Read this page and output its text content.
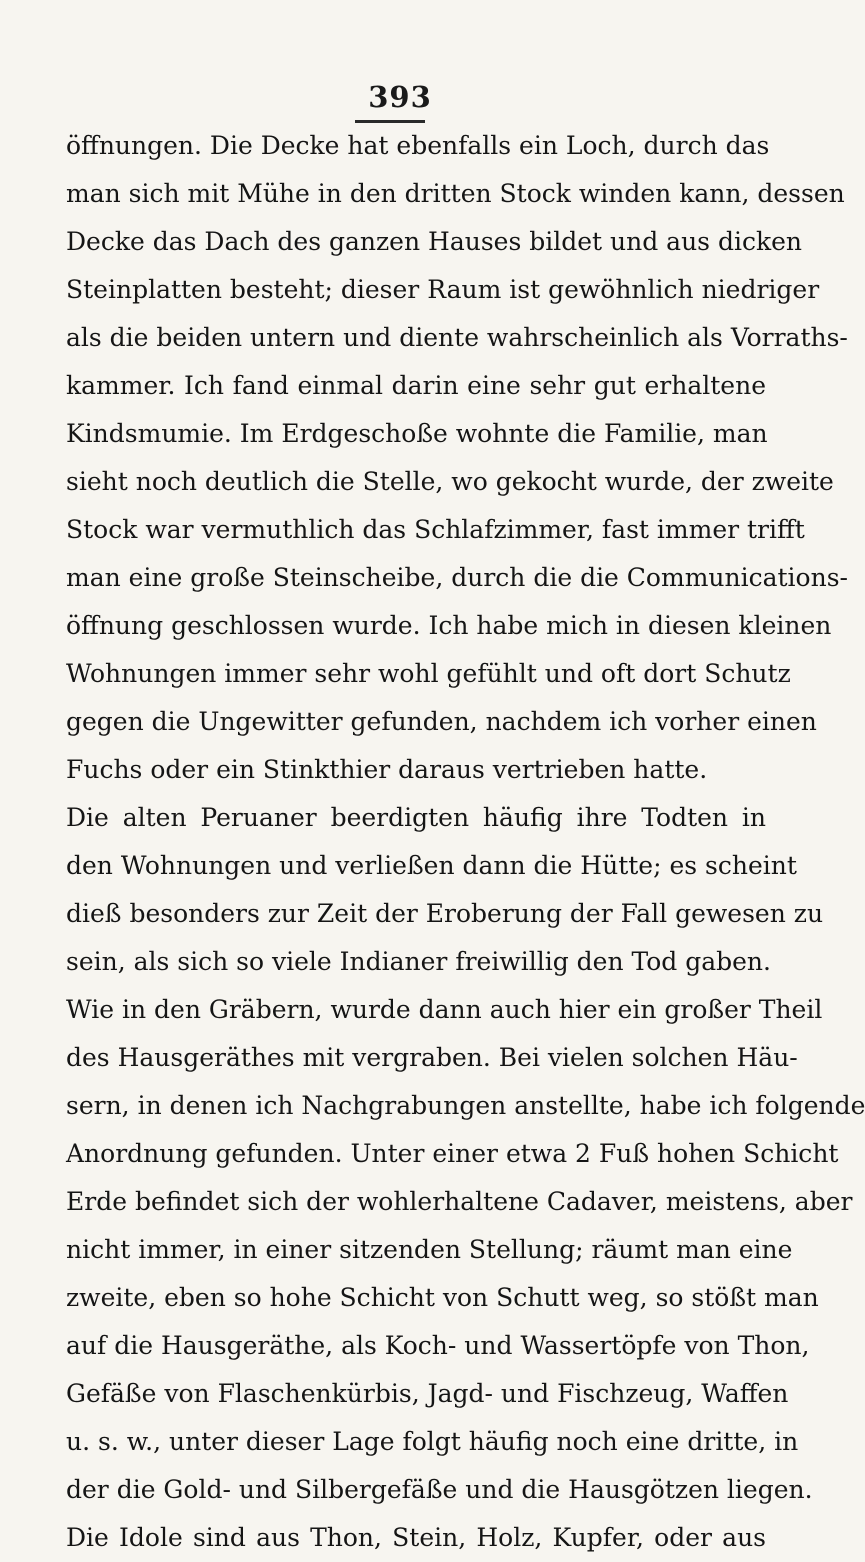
393
öffnungen. Die Decke hat ebenfalls ein Loch, durch das
man sich mit Mühe in den dritten Stock winden kann, dessen
Decke das Dach des ganzen Hauses bildet und aus dicken
Steinplatten besteht; dieser Raum ist gewöhnlich niedriger
als die beiden untern und diente wahrscheinlich als Vorraths-
kammer. Ich fand einmal darin eine sehr gut erhaltene
Kindsmumie. Im Erdgeschoße wohnte die Familie, man
sieht noch deutlich die Stelle, wo gekocht wurde, der zweite
Stock war vermuthlich das Schlafzimmer, fast immer trifft
man eine große Steinscheibe, durch die die Communications-
öffnung geschlossen wurde. Ich habe mich in diesen kleinen
Wohnungen immer sehr wohl gefühlt und oft dort Schutz
gegen die Ungewitter gefunden, nachdem ich vorher einen
Fuchs oder ein Stinkthier daraus vertrieben hatte.
Die alten Peruaner beerdigten häufig ihre Todten in
den Wohnungen und verließen dann die Hütte; es scheint
dieß besonders zur Zeit der Eroberung der Fall gewesen zu
sein, als sich so viele Indianer freiwillig den Tod gaben.
Wie in den Gräbern, wurde dann auch hier ein großer Theil
des Hausgeräthes mit vergraben. Bei vielen solchen Häu-
sern, in denen ich Nachgrabungen anstellte, habe ich folgende
Anordnung gefunden. Unter einer etwa 2 Fuß hohen Schicht
Erde befindet sich der wohlerhaltene Cadaver, meistens, aber
nicht immer, in einer sitzenden Stellung; räumt man eine
zweite, eben so hohe Schicht von Schutt weg, so stößt man
auf die Hausgeräthe, als Koch- und Wassertöpfe von Thon,
Gefäße von Flaschenkürbis, Jagd- und Fischzeug, Waffen
u. s. w., unter dieser Lage folgt häufig noch eine dritte, in
der die Gold- und Silbergefäße und die Hausgötzen liegen.
Die Idole sind aus Thon, Stein, Holz, Kupfer, oder aus
